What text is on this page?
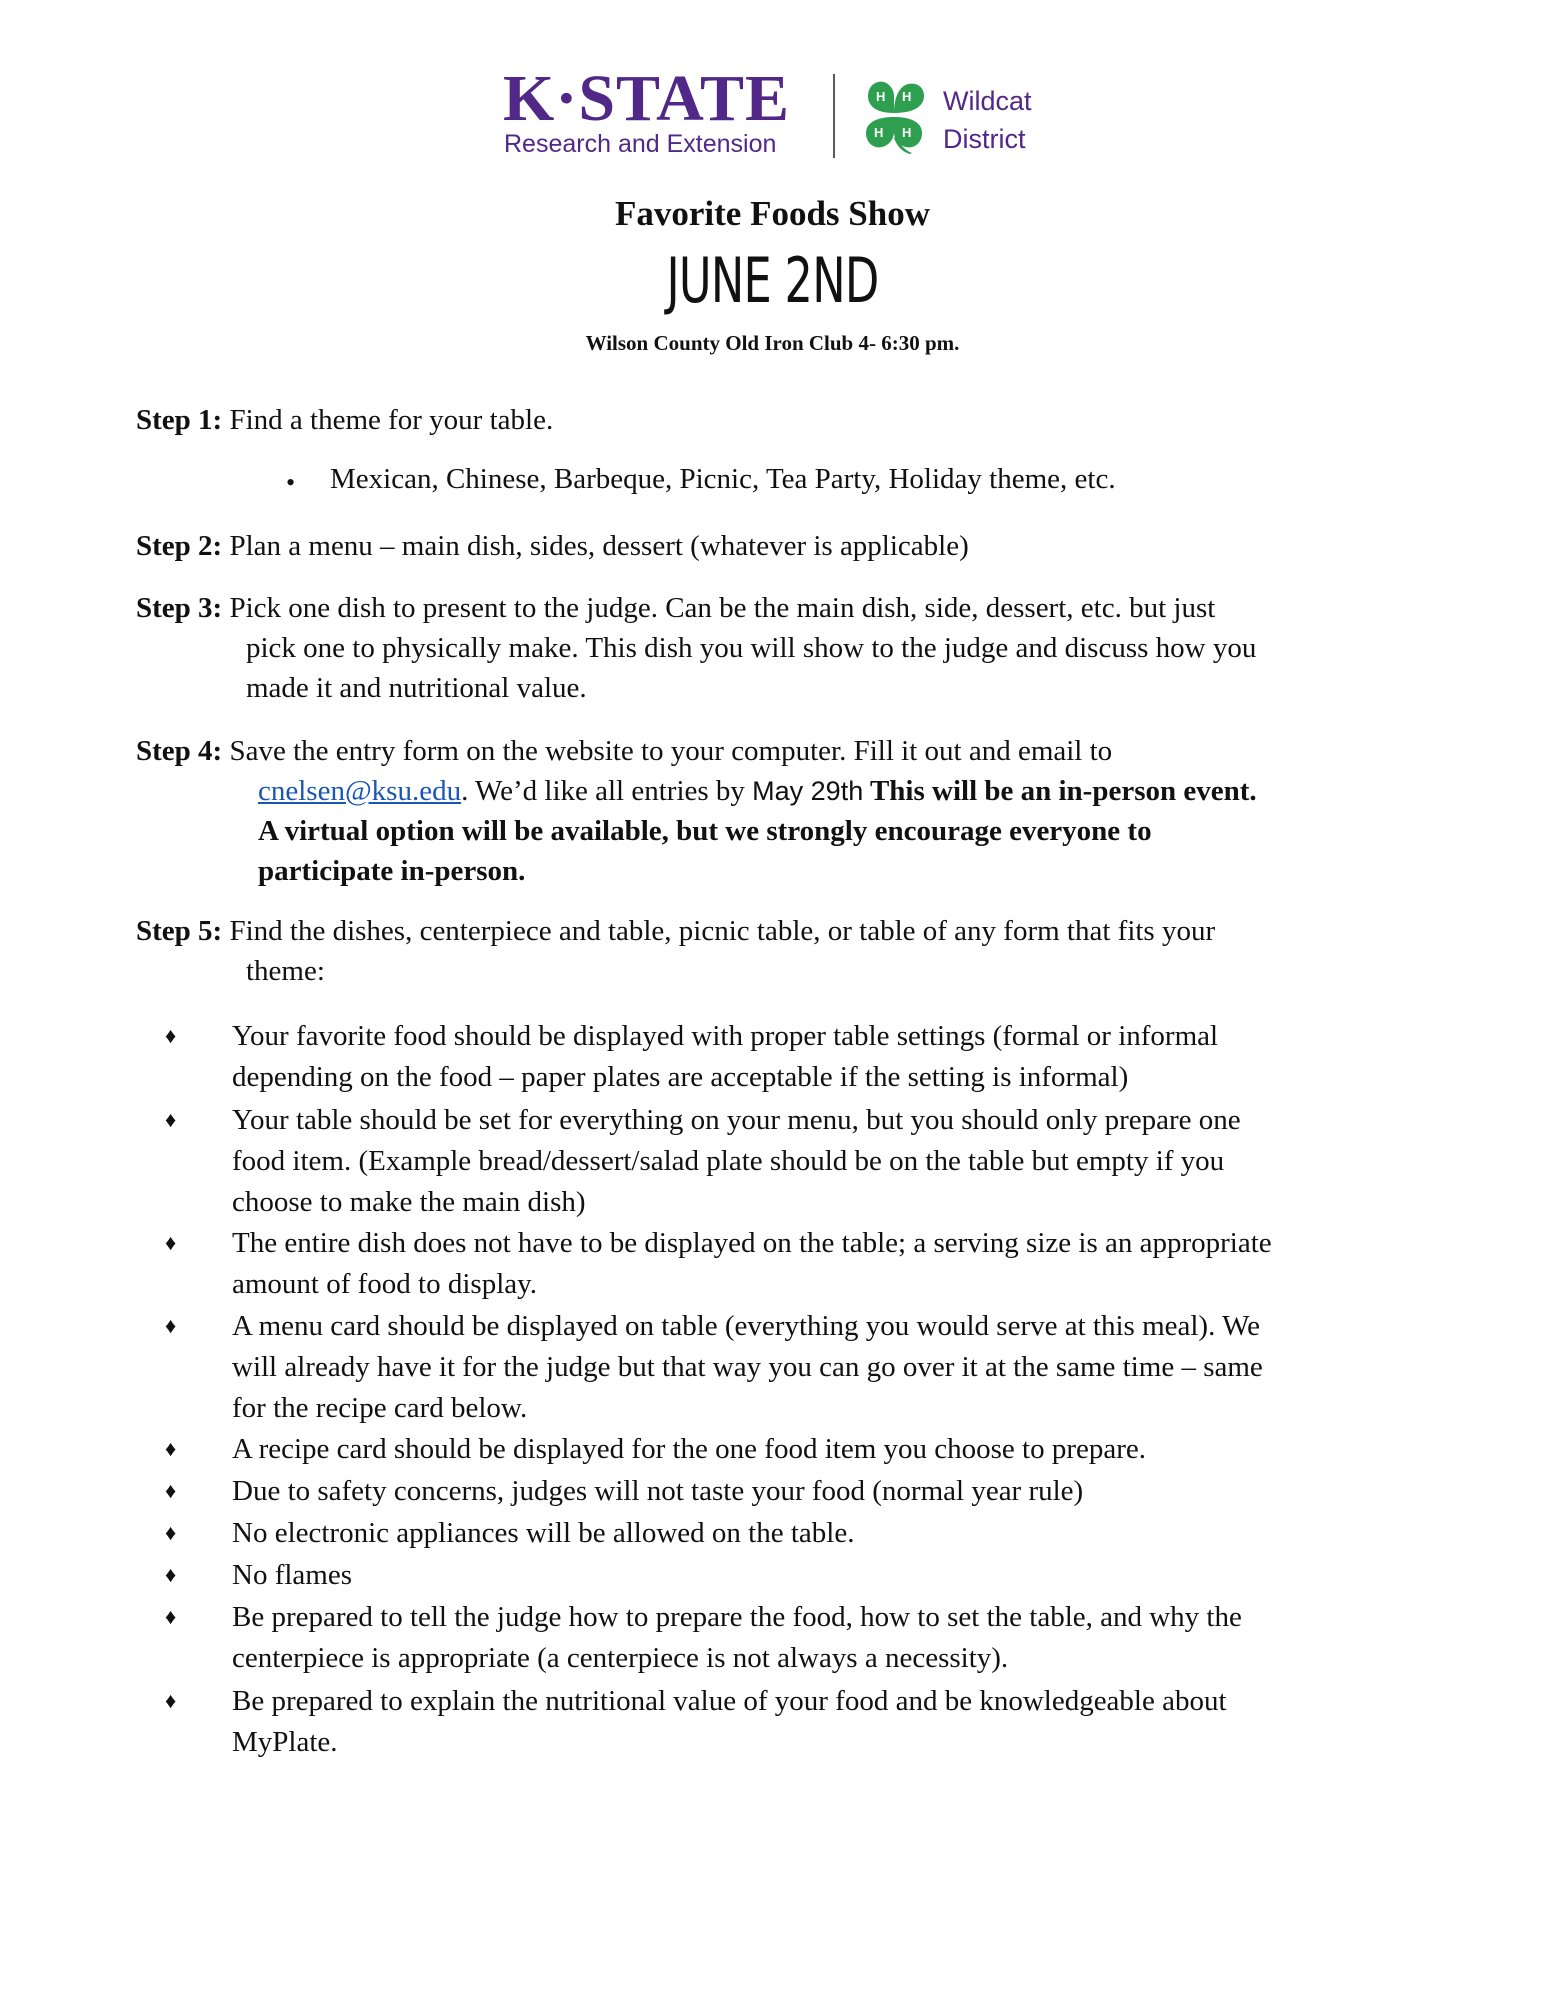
K·STATE
Research and Extension
H H
H H
Wildcat
District
Favorite Foods Show
JUNE 2ND
Wilson County Old Iron Club 4- 6:30 pm.
Step 1: Find a theme for your table.
• Mexican, Chinese, Barbeque, Picnic, Tea Party, Holiday theme, etc.
Step 2: Plan a menu – main dish, sides, dessert (whatever is applicable)
Step 3: Pick one dish to present to the judge. Can be the main dish, side, dessert, etc. but just
pick one to physically make. This dish you will show to the judge and discuss how you
made it and nutritional value.
Step 4: Save the entry form on the website to your computer. Fill it out and email to
cnelsen@ksu.edu. We’d like all entries by May 29th This will be an in-person event.
A virtual option will be available, but we strongly encourage everyone to
participate in-person.
Step 5: Find the dishes, centerpiece and table, picnic table, or table of any form that fits your
theme:
♦ Your favorite food should be displayed with proper table settings (formal or informal
depending on the food – paper plates are acceptable if the setting is informal)
♦ Your table should be set for everything on your menu, but you should only prepare one
food item. (Example bread/dessert/salad plate should be on the table but empty if you
choose to make the main dish)
♦ The entire dish does not have to be displayed on the table; a serving size is an appropriate
amount of food to display.
♦ A menu card should be displayed on table (everything you would serve at this meal). We
will already have it for the judge but that way you can go over it at the same time – same
for the recipe card below.
♦ A recipe card should be displayed for the one food item you choose to prepare.
♦ Due to safety concerns, judges will not taste your food (normal year rule)
♦ No electronic appliances will be allowed on the table.
♦ No flames
♦ Be prepared to tell the judge how to prepare the food, how to set the table, and why the
centerpiece is appropriate (a centerpiece is not always a necessity).
♦ Be prepared to explain the nutritional value of your food and be knowledgeable about
MyPlate.
